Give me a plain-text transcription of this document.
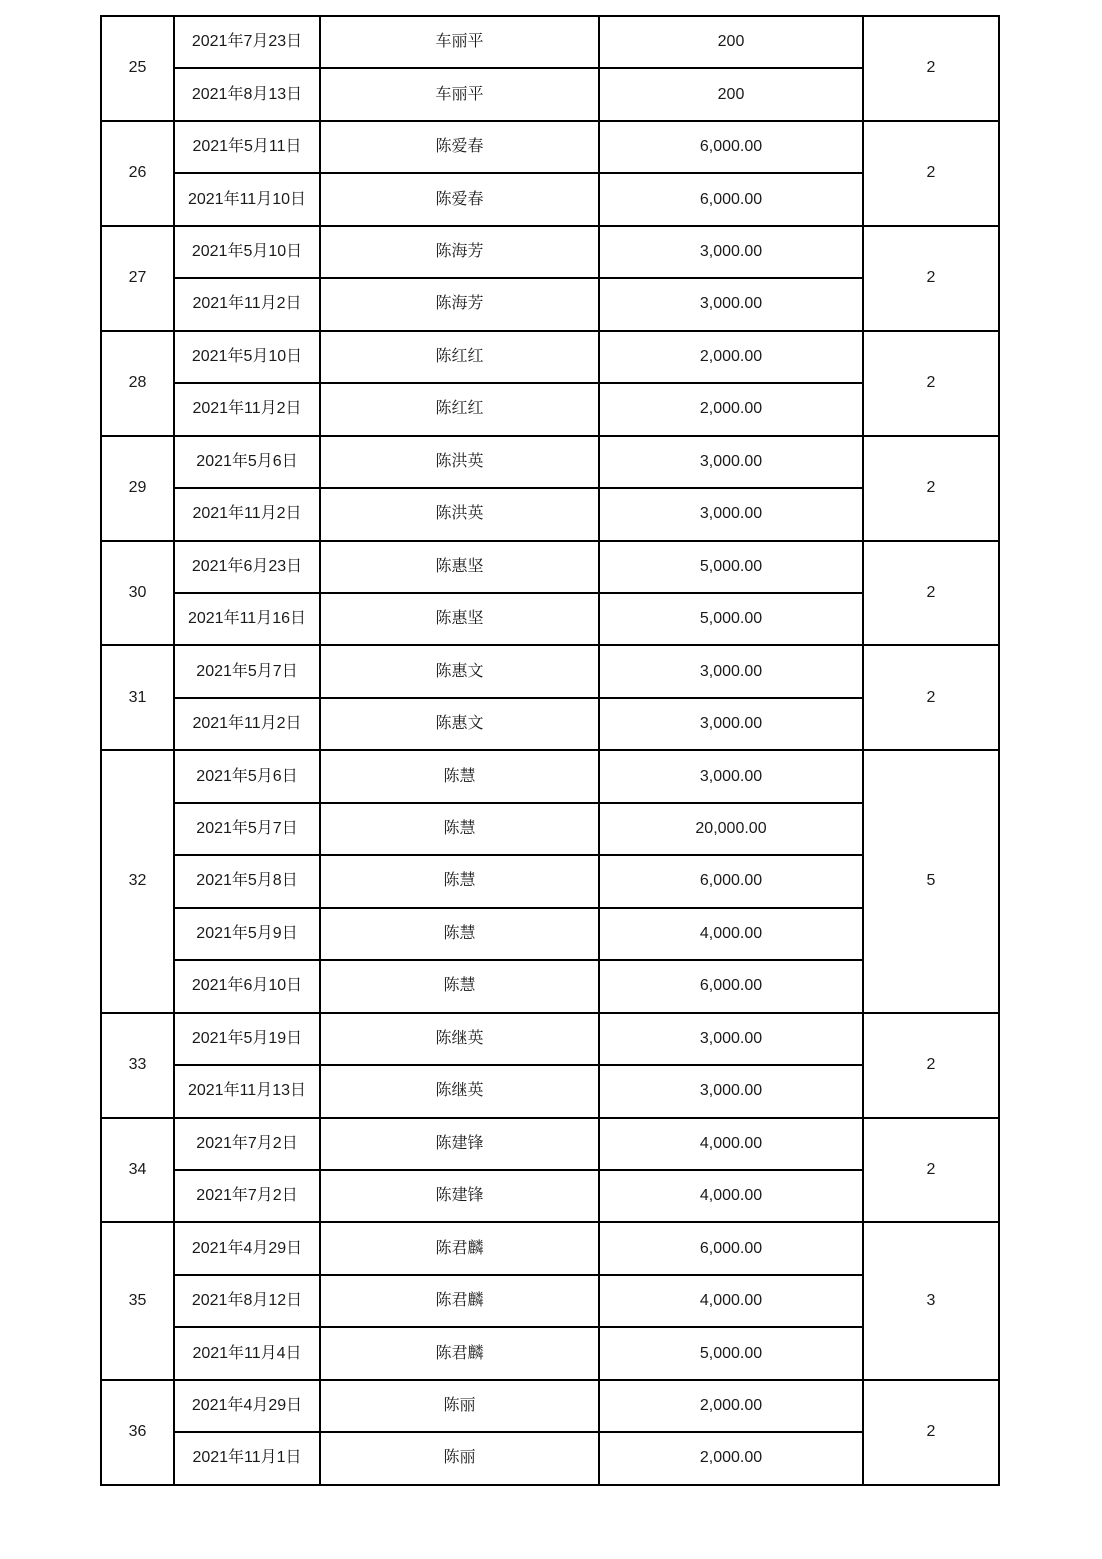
25	2021年7月23日	车丽平	200	2
	2021年8月13日	车丽平	200	
26	2021年5月11日	陈爱春	6,000.00	2
	2021年11月10日	陈爱春	6,000.00	
27	2021年5月10日	陈海芳	3,000.00	2
	2021年11月2日	陈海芳	3,000.00	
28	2021年5月10日	陈红红	2,000.00	2
	2021年11月2日	陈红红	2,000.00	
29	2021年5月6日	陈洪英	3,000.00	2
	2021年11月2日	陈洪英	3,000.00	
30	2021年6月23日	陈惠坚	5,000.00	2
	2021年11月16日	陈惠坚	5,000.00	
31	2021年5月7日	陈惠文	3,000.00	2
	2021年11月2日	陈惠文	3,000.00	
32	2021年5月6日	陈慧	3,000.00	5
	2021年5月7日	陈慧	20,000.00	
	2021年5月8日	陈慧	6,000.00	
	2021年5月9日	陈慧	4,000.00	
	2021年6月10日	陈慧	6,000.00	
33	2021年5月19日	陈继英	3,000.00	2
	2021年11月13日	陈继英	3,000.00	
34	2021年7月2日	陈建锋	4,000.00	2
	2021年7月2日	陈建锋	4,000.00	
35	2021年4月29日	陈君麟	6,000.00	3
	2021年8月12日	陈君麟	4,000.00	
	2021年11月4日	陈君麟	5,000.00	
36	2021年4月29日	陈丽	2,000.00	2
	2021年11月1日	陈丽	2,000.00	
